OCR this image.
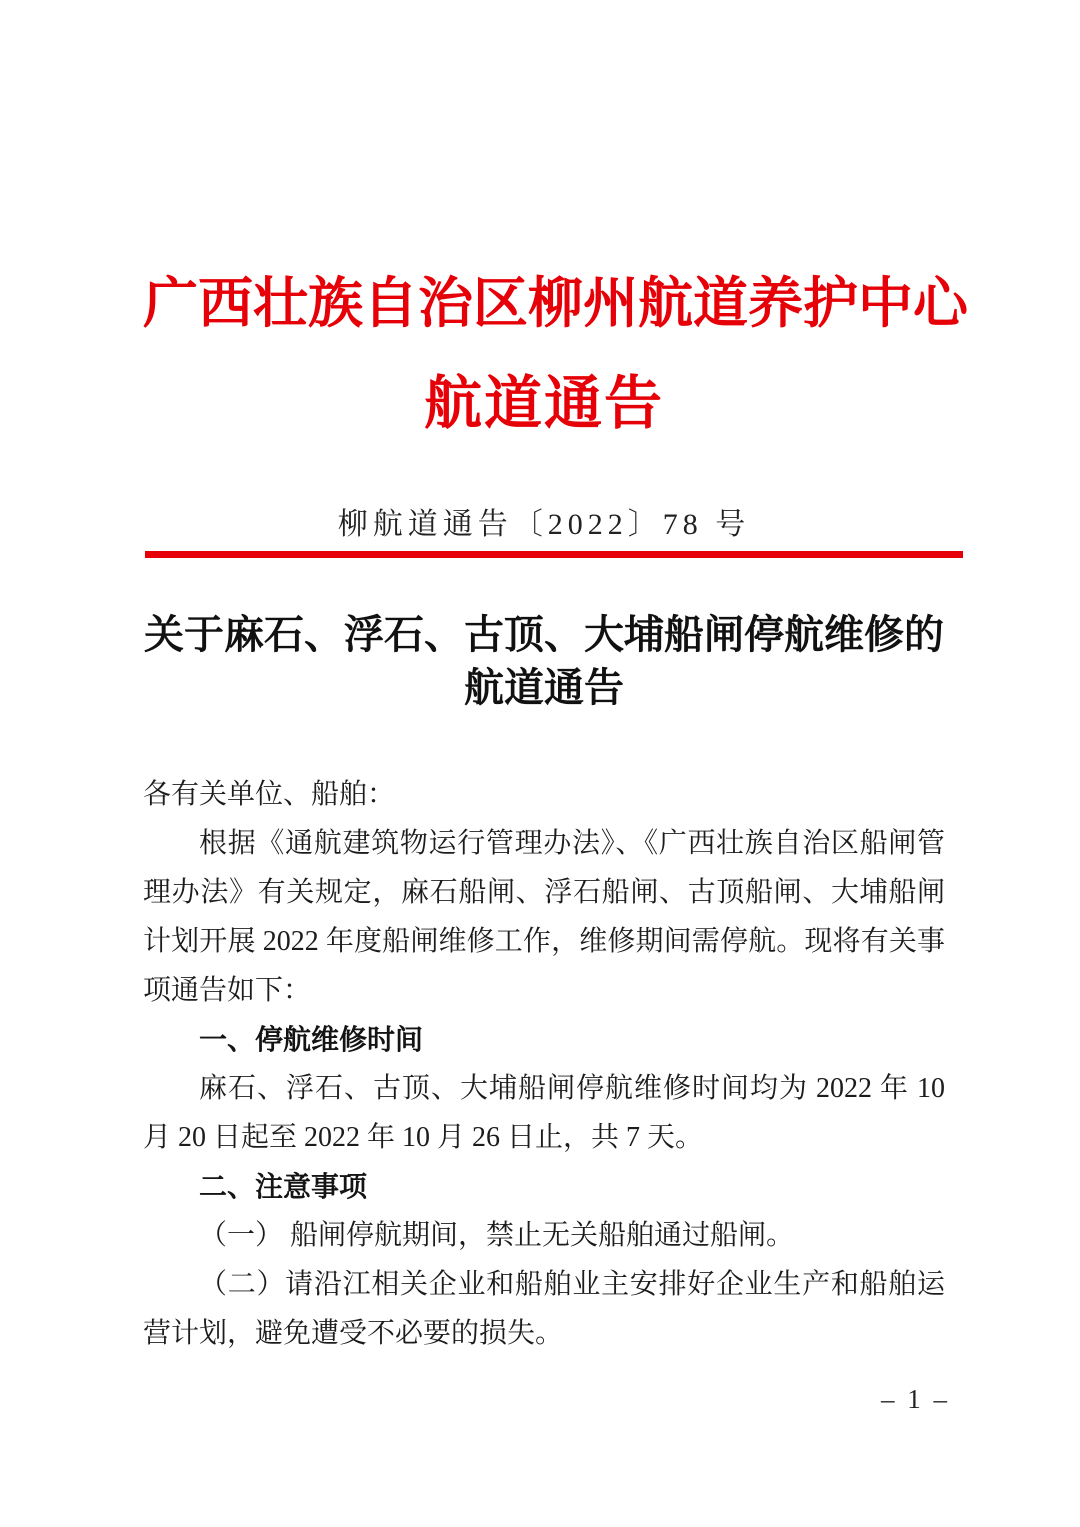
广西壮族自治区柳州航道养护中心
航道通告
柳航道通告〔2022〕78 号
关于麻石、浮石、古顶、大埔船闸停航维修的
航道通告

各有关单位、船舶：

根据《通航建筑物运行管理办法》、《广西壮族自治区船闸管理办法》有关规定，麻石船闸、浮石船闸、古顶船闸、大埔船闸计划开展 2022 年度船闸维修工作，维修期间需停航。现将有关事项通告如下：

一、停航维修时间

麻石、浮石、古顶、大埔船闸停航维修时间均为 2022 年 10 月 20 日起至 2022 年 10 月 26 日止，共 7 天。

二、注意事项

（一） 船闸停航期间，禁止无关船舶通过船闸。

（二）请沿江相关企业和船舶业主安排好企业生产和船舶运营计划，避免遭受不必要的损失。

– 1 –
